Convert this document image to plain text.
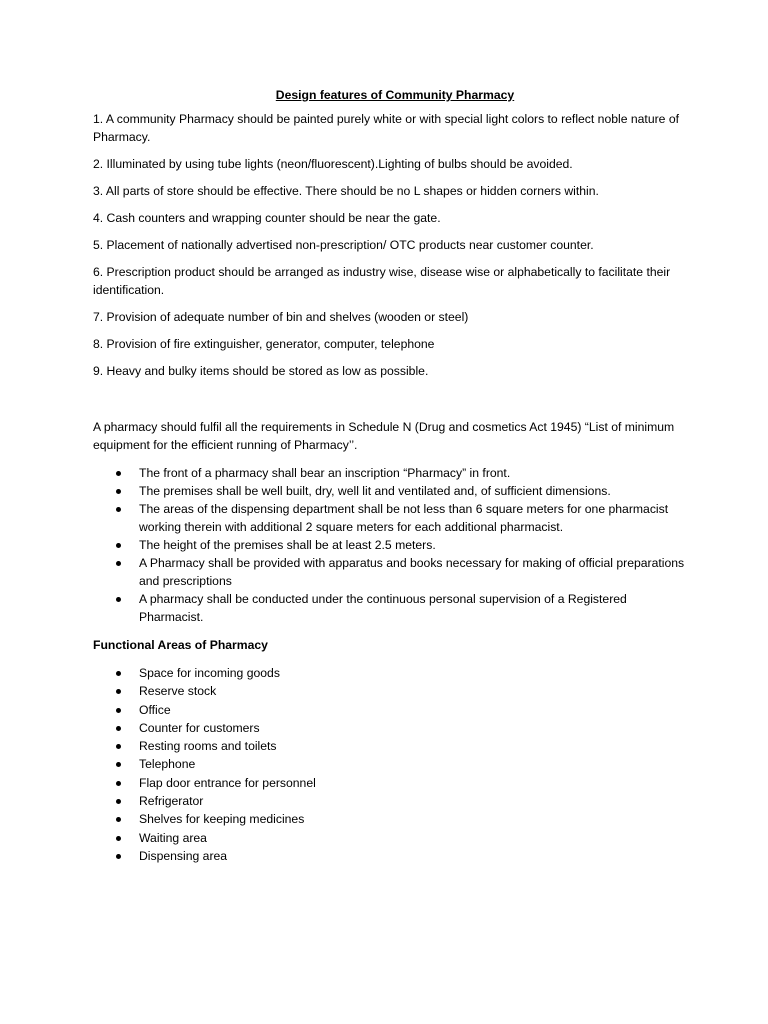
Design features of Community Pharmacy
1. A community Pharmacy should be painted purely white or with special light colors to reflect noble nature of Pharmacy.
2. Illuminated by using tube lights (neon/fluorescent).Lighting of bulbs should be avoided.
3. All parts of store should be effective. There should be no L shapes or hidden corners within.
4. Cash counters and wrapping counter should be near the gate.
5. Placement of nationally advertised non-prescription/ OTC products near customer counter.
6. Prescription product should be arranged as industry wise, disease wise or alphabetically to facilitate their identification.
7. Provision of adequate number of bin and shelves (wooden or steel)
8. Provision of fire extinguisher, generator, computer, telephone
9. Heavy and bulky items should be stored as low as possible.

A pharmacy should fulfil all the requirements in Schedule N (Drug and cosmetics Act 1945) “List of minimum equipment for the efficient running of Pharmacy’’.

The front of a pharmacy shall bear an inscription “Pharmacy” in front.
The premises shall be well built, dry, well lit and ventilated and, of sufficient dimensions.
The areas of the dispensing department shall be not less than 6 square meters for one pharmacist working therein with additional 2 square meters for each additional pharmacist.
The height of the premises shall be at least 2.5 meters.
A Pharmacy shall be provided with apparatus and books necessary for making of official preparations and prescriptions
A pharmacy shall be conducted under the continuous personal supervision of a Registered Pharmacist.
Functional Areas of Pharmacy
Space for incoming goods
Reserve stock
Office
Counter for customers
Resting rooms and toilets
Telephone
Flap door entrance for personnel
Refrigerator
Shelves for keeping medicines
Waiting area
Dispensing area
